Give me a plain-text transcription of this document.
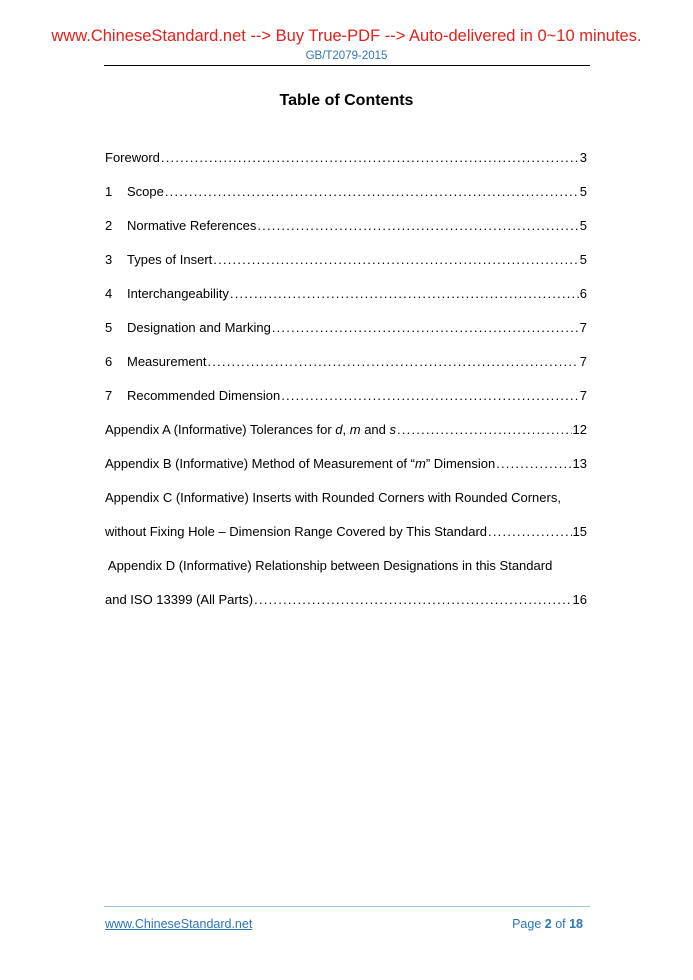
www.ChineseStandard.net --> Buy True-PDF --> Auto-delivered in 0~10 minutes.
GB/T2079-2015
Table of Contents
Foreword .....	3
1	Scope .....	5
2	Normative References .....	5
3	Types of Insert .....	5
4	Interchangeability .....	6
5	Designation and Marking .....	7
6	Measurement .....	7
7	Recommended Dimension .....	7
Appendix A (Informative) Tolerances for d, m and s .....	12
Appendix B (Informative) Method of Measurement of “m” Dimension .....	13
Appendix C (Informative) Inserts with Rounded Corners with Rounded Corners,
without Fixing Hole – Dimension Range Covered by This Standard .....	15
Appendix D (Informative) Relationship between Designations in this Standard
and ISO 13399 (All Parts) .....	16
www.ChineseStandard.net	Page 2 of 18
